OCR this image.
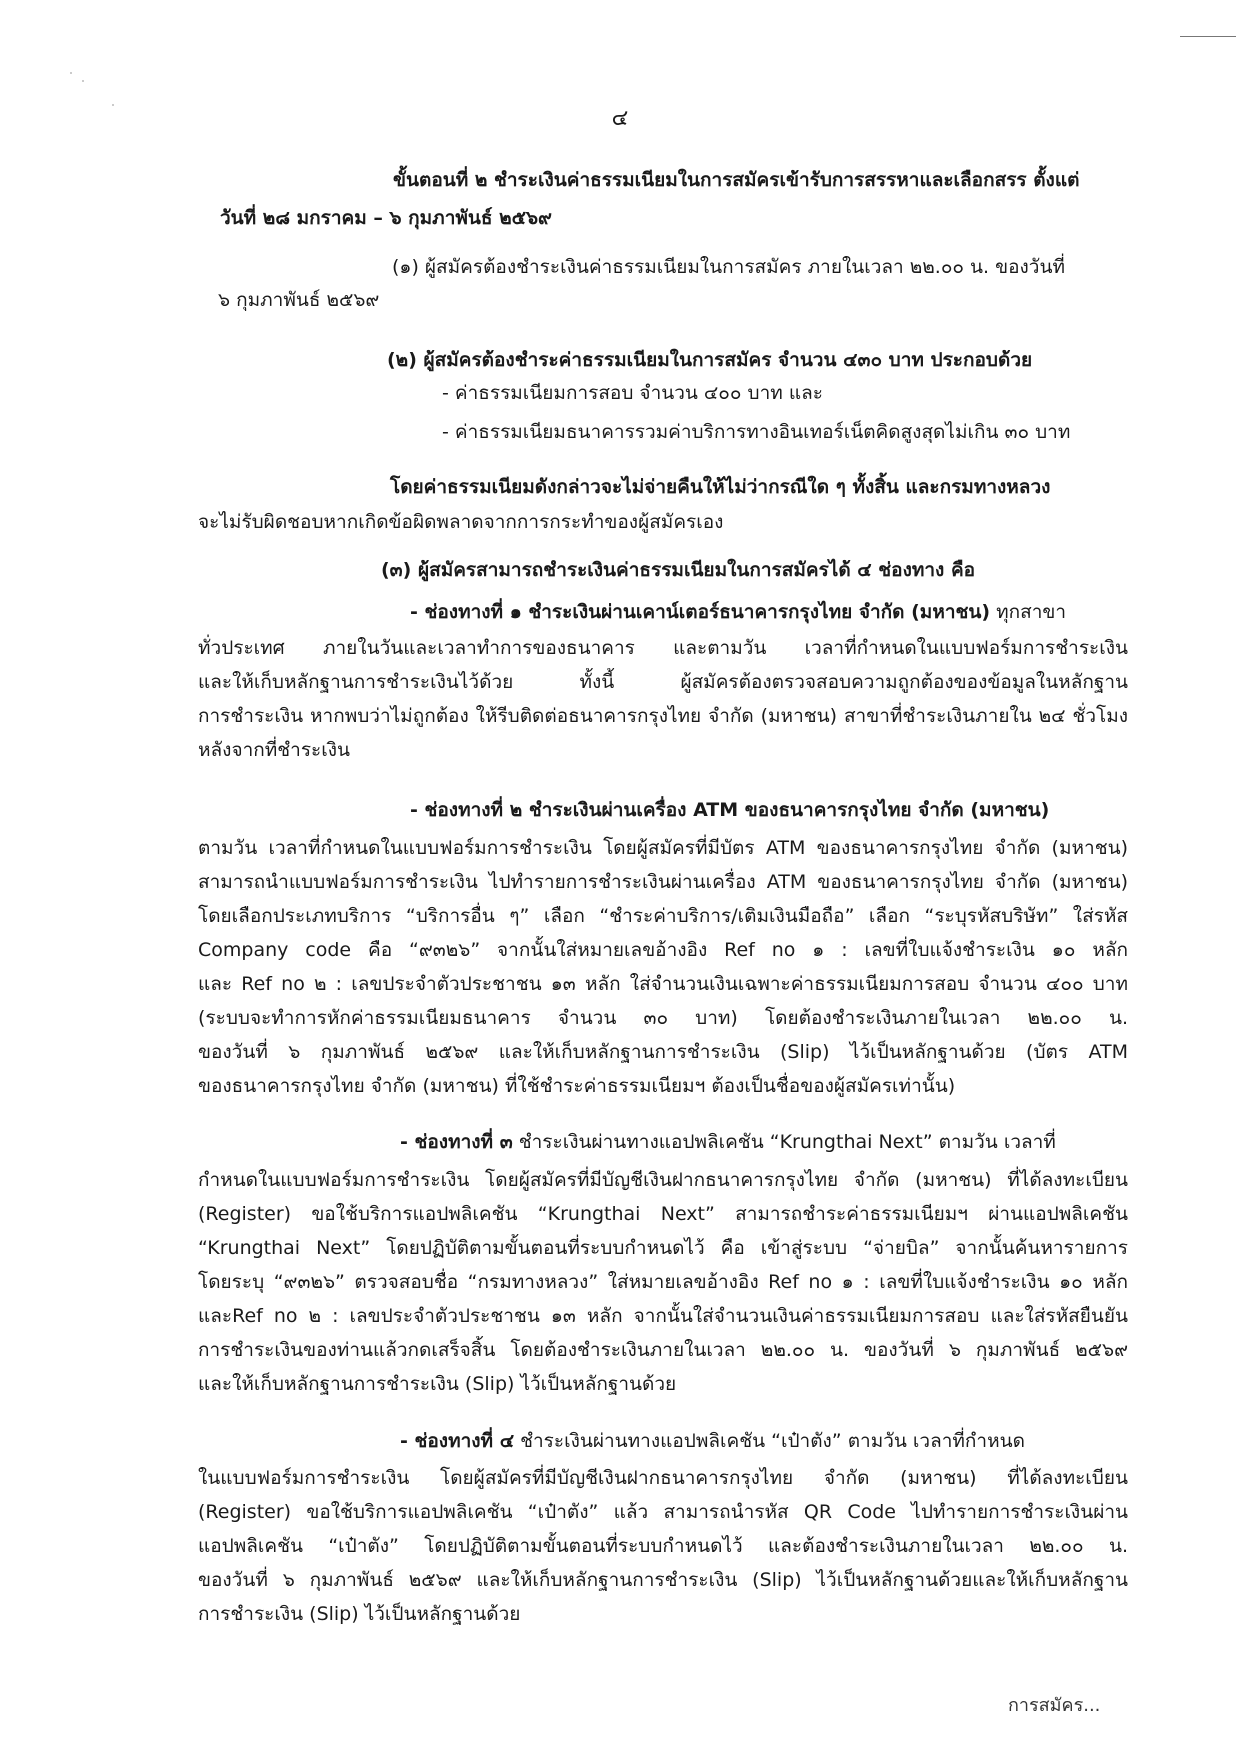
๔
ขั้นตอนที่ ๒ ชำระเงินค่าธรรมเนียมในการสมัครเข้ารับการสรรหาและเลือกสรร ตั้งแต่
วันที่ ๒๘ มกราคม – ๖ กุมภาพันธ์ ๒๕๖๙
(๑) ผู้สมัครต้องชำระเงินค่าธรรมเนียมในการสมัคร ภายในเวลา ๒๒.๐๐ น. ของวันที่
๖ กุมภาพันธ์ ๒๕๖๙
(๒) ผู้สมัครต้องชำระค่าธรรมเนียมในการสมัคร จำนวน ๔๓๐ บาท ประกอบด้วย
- ค่าธรรมเนียมการสอบ จำนวน ๔๐๐ บาท และ
- ค่าธรรมเนียมธนาคารรวมค่าบริการทางอินเทอร์เน็ตคิดสูงสุดไม่เกิน ๓๐ บาท
โดยค่าธรรมเนียมดังกล่าวจะไม่จ่ายคืนให้ไม่ว่ากรณีใด ๆ ทั้งสิ้น และกรมทางหลวง
จะไม่รับผิดชอบหากเกิดข้อผิดพลาดจากการกระทำของผู้สมัครเอง
(๓) ผู้สมัครสามารถชำระเงินค่าธรรมเนียมในการสมัครได้ ๔ ช่องทาง คือ
- ช่องทางที่ ๑ ชำระเงินผ่านเคาน์เตอร์ธนาคารกรุงไทย จำกัด (มหาชน) ทุกสาขา
ทั่วประเทศ ภายในวันและเวลาทำการของธนาคาร และตามวัน เวลาที่กำหนดในแบบฟอร์มการชำระเงิน
และให้เก็บหลักฐานการชำระเงินไว้ด้วย ทั้งนี้ ผู้สมัครต้องตรวจสอบความถูกต้องของข้อมูลในหลักฐาน
การชำระเงิน หากพบว่าไม่ถูกต้อง ให้รีบติดต่อธนาคารกรุงไทย จำกัด (มหาชน) สาขาที่ชำระเงินภายใน ๒๔ ชั่วโมง
หลังจากที่ชำระเงิน
- ช่องทางที่ ๒ ชำระเงินผ่านเครื่อง ATM ของธนาคารกรุงไทย จำกัด (มหาชน)
ตามวัน เวลาที่กำหนดในแบบฟอร์มการชำระเงิน โดยผู้สมัครที่มีบัตร ATM ของธนาคารกรุงไทย จำกัด (มหาชน)
สามารถนำแบบฟอร์มการชำระเงิน ไปทำรายการชำระเงินผ่านเครื่อง ATM ของธนาคารกรุงไทย จำกัด (มหาชน)
โดยเลือกประเภทบริการ “บริการอื่น ๆ” เลือก “ชำระค่าบริการ/เติมเงินมือถือ” เลือก “ระบุรหัสบริษัท” ใส่รหัส
Company code คือ “๙๓๒๖” จากนั้นใส่หมายเลขอ้างอิง Ref no ๑ : เลขที่ใบแจ้งชำระเงิน ๑๐ หลัก
และ Ref no ๒ : เลขประจำตัวประชาชน ๑๓ หลัก ใส่จำนวนเงินเฉพาะค่าธรรมเนียมการสอบ จำนวน ๔๐๐ บาท
(ระบบจะทำการหักค่าธรรมเนียมธนาคาร จำนวน ๓๐ บาท) โดยต้องชำระเงินภายในเวลา ๒๒.๐๐ น.
ของวันที่ ๖ กุมภาพันธ์ ๒๕๖๙ และให้เก็บหลักฐานการชำระเงิน (Slip) ไว้เป็นหลักฐานด้วย (บัตร ATM
ของธนาคารกรุงไทย จำกัด (มหาชน) ที่ใช้ชำระค่าธรรมเนียมฯ ต้องเป็นชื่อของผู้สมัครเท่านั้น)
- ช่องทางที่ ๓ ชำระเงินผ่านทางแอปพลิเคชัน “Krungthai Next” ตามวัน เวลาที่
กำหนดในแบบฟอร์มการชำระเงิน โดยผู้สมัครที่มีบัญชีเงินฝากธนาคารกรุงไทย จำกัด (มหาชน) ที่ได้ลงทะเบียน
(Register) ขอใช้บริการแอปพลิเคชัน “Krungthai Next” สามารถชำระค่าธรรมเนียมฯ ผ่านแอปพลิเคชัน
“Krungthai Next” โดยปฏิบัติตามขั้นตอนที่ระบบกำหนดไว้ คือ เข้าสู่ระบบ “จ่ายบิล” จากนั้นค้นหารายการ
โดยระบุ “๙๓๒๖” ตรวจสอบชื่อ “กรมทางหลวง” ใส่หมายเลขอ้างอิง Ref no ๑ : เลขที่ใบแจ้งชำระเงิน ๑๐ หลัก
และRef no ๒ : เลขประจำตัวประชาชน ๑๓ หลัก จากนั้นใส่จำนวนเงินค่าธรรมเนียมการสอบ และใส่รหัสยืนยัน
การชำระเงินของท่านแล้วกดเสร็จสิ้น โดยต้องชำระเงินภายในเวลา ๒๒.๐๐ น. ของวันที่ ๖ กุมภาพันธ์ ๒๕๖๙
และให้เก็บหลักฐานการชำระเงิน (Slip) ไว้เป็นหลักฐานด้วย
- ช่องทางที่ ๔ ชำระเงินผ่านทางแอปพลิเคชัน “เป๋าตัง” ตามวัน เวลาที่กำหนด
ในแบบฟอร์มการชำระเงิน โดยผู้สมัครที่มีบัญชีเงินฝากธนาคารกรุงไทย จำกัด (มหาชน) ที่ได้ลงทะเบียน
(Register) ขอใช้บริการแอปพลิเคชัน “เป๋าตัง” แล้ว สามารถนำรหัส QR Code ไปทำรายการชำระเงินผ่าน
แอปพลิเคชัน “เป๋าตัง” โดยปฏิบัติตามขั้นตอนที่ระบบกำหนดไว้ และต้องชำระเงินภายในเวลา ๒๒.๐๐ น.
ของวันที่ ๖ กุมภาพันธ์ ๒๕๖๙ และให้เก็บหลักฐานการชำระเงิน (Slip) ไว้เป็นหลักฐานด้วยและให้เก็บหลักฐาน
การชำระเงิน (Slip) ไว้เป็นหลักฐานด้วย
การสมัคร...
